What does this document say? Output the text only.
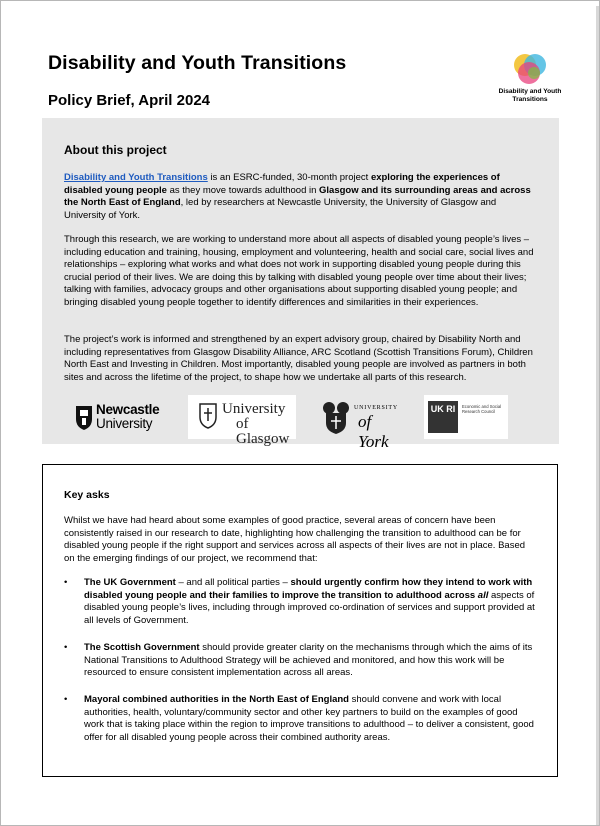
Disability and Youth Transitions
Policy Brief, April 2024
Disability and Youth Transitions
About this project
Disability and Youth Transitions is an ESRC-funded, 30-month project exploring the experiences of disabled young people as they move towards adulthood in Glasgow and its surrounding areas and across the North East of England, led by researchers at Newcastle University, the University of Glasgow and University of York.
Through this research, we are working to understand more about all aspects of disabled young people’s lives – including education and training, housing, employment and volunteering, health and social care, social lives and relationships – exploring what works and what does not work in supporting disabled young people during this crucial period of their lives. We are doing this by talking with disabled young people over time about their lives; talking with families, advocacy groups and other organisations about supporting disabled young people; and bringing disabled young people together to identify differences and similarities in their experiences.
The project’s work is informed and strengthened by an expert advisory group, chaired by Disability North and including representatives from Glasgow Disability Alliance, ARC Scotland (Scottish Transitions Forum), Children North East and Investing in Children. Most importantly, disabled young people are involved as partners in both sites and across the lifetime of the project, to shape how we undertake all parts of this research.
Newcastle
University
University
of Glasgow
UNIVERSITY
of York
UK RI	Economic and Social Research Council
Key asks
Whilst we have had heard about some examples of good practice, several areas of concern have been consistently raised in our research to date, highlighting how challenging the transition to adulthood can be for disabled young people if the right support and services across all aspects of their lives are not in place. Based on the emerging findings of our project, we recommend that:
• The UK Government – and all political parties – should urgently confirm how they intend to work with disabled young people and their families to improve the transition to adulthood across all aspects of disabled young people’s lives, including through improved co-ordination of services and support provided at all levels of Government.
• The Scottish Government should provide greater clarity on the mechanisms through which the aims of its National Transitions to Adulthood Strategy will be achieved and monitored, and how this work will be resourced to ensure consistent implementation across all areas.
• Mayoral combined authorities in the North East of England should convene and work with local authorities, health, voluntary/community sector and other key partners to build on the examples of good work that is taking place within the region to improve transitions to adulthood – to deliver a consistent, good offer for all disabled young people across their combined authority areas.
